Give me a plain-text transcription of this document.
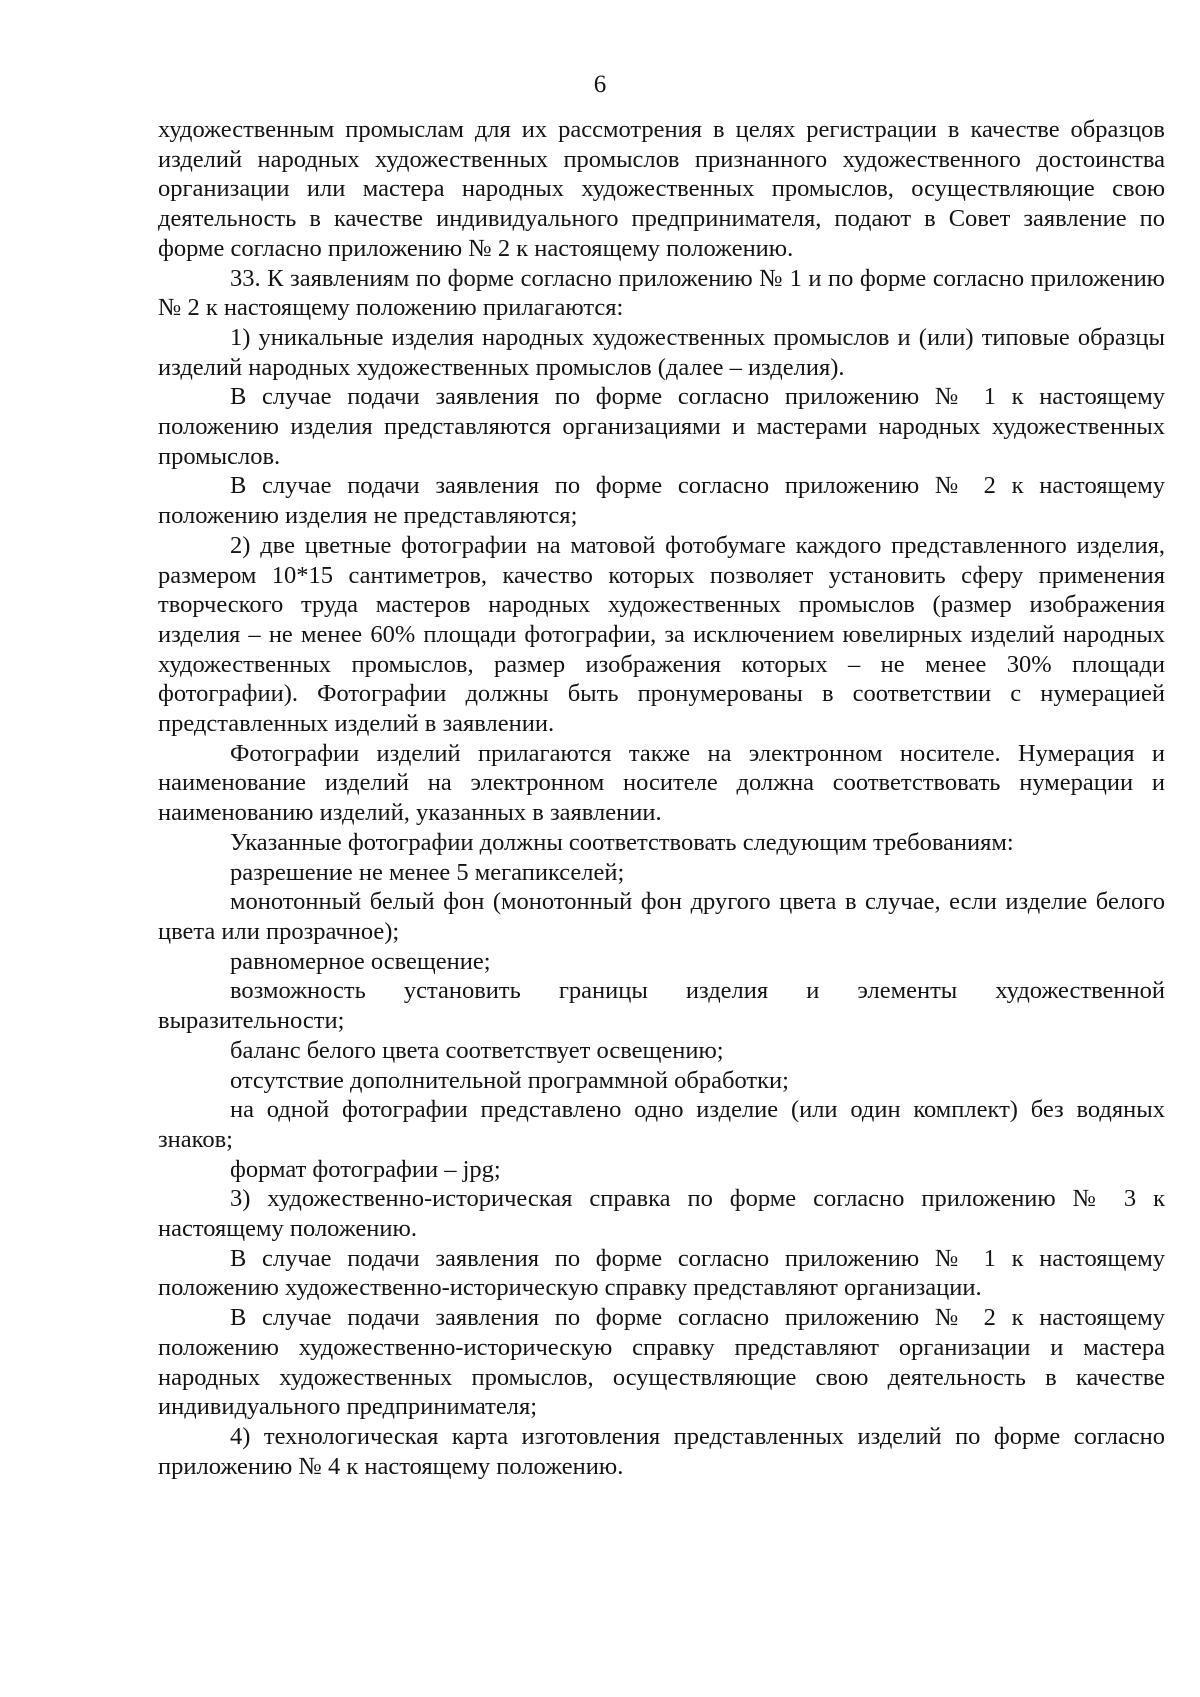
6

художественным промыслам для их рассмотрения в целях регистрации в качестве образцов изделий народных художественных промыслов признанного художественного достоинства организации или мастера народных художественных промыслов, осуществляющие свою деятельность в качестве индивидуального предпринимателя, подают в Совет заявление по форме согласно приложению № 2 к настоящему положению.

33. К заявлениям по форме согласно приложению № 1 и по форме согласно приложению № 2 к настоящему положению прилагаются:

1) уникальные изделия народных художественных промыслов и (или) типовые образцы изделий народных художественных промыслов (далее – изделия).

В случае подачи заявления по форме согласно приложению № 1 к настоящему положению изделия представляются организациями и мастерами народных художественных промыслов.

В случае подачи заявления по форме согласно приложению № 2 к настоящему положению изделия не представляются;

2) две цветные фотографии на матовой фотобумаге каждого представленного изделия, размером 10*15 сантиметров, качество которых позволяет установить сферу применения творческого труда мастеров народных художественных промыслов (размер изображения изделия – не менее 60% площади фотографии, за исключением ювелирных изделий народных художественных промыслов, размер изображения которых – не менее 30% площади фотографии). Фотографии должны быть пронумерованы в соответствии с нумерацией представленных изделий в заявлении.

Фотографии изделий прилагаются также на электронном носителе. Нумерация и наименование изделий на электронном носителе должна соответствовать нумерации и наименованию изделий, указанных в заявлении.

Указанные фотографии должны соответствовать следующим требованиям:

разрешение не менее 5 мегапикселей;

монотонный белый фон (монотонный фон другого цвета в случае, если изделие белого цвета или прозрачное);

равномерное освещение;

возможность установить границы изделия и элементы художественной выразительности;

баланс белого цвета соответствует освещению;

отсутствие дополнительной программной обработки;

на одной фотографии представлено одно изделие (или один комплект) без водяных знаков;

формат фотографии – jpg;

3) художественно-историческая справка по форме согласно приложению № 3 к настоящему положению.

В случае подачи заявления по форме согласно приложению № 1 к настоящему положению художественно-историческую справку представляют организации.

В случае подачи заявления по форме согласно приложению № 2 к настоящему положению художественно-историческую справку представляют организации и мастера народных художественных промыслов, осуществляющие свою деятельность в качестве индивидуального предпринимателя;

4) технологическая карта изготовления представленных изделий по форме согласно приложению № 4 к настоящему положению.
